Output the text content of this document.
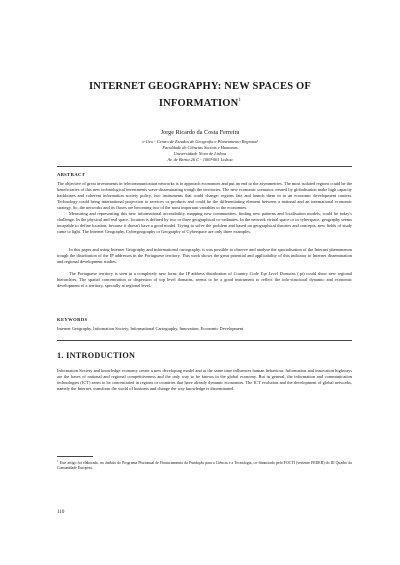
INTERNET GEOGRAPHY: NEW SPACES OF
INFORMATION$^1$
Jorge Ricardo da Costa Ferreira
e-Geo - Centro de Estudos de Geografia e Planeamento Regional
Faculdade de Ciências Sociais e Humanas
Universidade Nova de Lisboa
Av. de Berna 26 C - 1069-061 Lisboa
ABSTRACT

The objective of great investments in telecommunication networks is to approach economies and put an end to the asymmetries. The most isolated regions could be the beneficiaries of this new technological investments wave disseminating trough the territories. The new economic scenarios created by globalisation make high capacity backbones and coherent information society policy, two instruments that could change: regions fate and launch them in to an economic development context. Technology could bring international projection to services or products and could be the differentiating element between a national and an international economic strategy. So, the networks and its fluxes are becoming two of the most important variables to the economies.

Measuring and representing this new informational accessibility, mapping new communities, finding new patterns and localisation models, could be today's challenge. In the physical and real space, location is defined by two or three geographical co-ordinates. In the network virtual space or in cyberspace, geography seems incapable to define location, because it doesn't have a good model. Trying to solve the problem and based on geographical theories and concepts, new fields of study came to light. The Internet Geography, Cybergeography or Geography of Cyberspace are only three examples.

In this paper and using Internet Geography and informational cartography, it was possible to observe and analyse the spacialisation of the Internet phenomenon trough the distribution of the IP addresses in the Portuguese territory. This work shows the great potential and applicability of this indicator to Internet dissemination and regional development studies.

The Portuguese territory is seen in a completely new form: the IP address distribution of Country Code Top Level Domains (.pt) could show new regional hierarchies. The spatial concentration or dispersion of top level domains, seems to be a good instrument to reflect the info-structural dynamic and economic development of a territory, specially at regional level.

KEYWORDS

Internet Geography, Information Society, Informational Cartography, Innovation, Economic Development

1. INTRODUCTION

Information Society and knowledge economy create a new developing model and at the same time influences human behaviour. Information and innovation highways are the bases of national and regional competitiveness and the only way to be known in the global economy. But in general, the information and communication technologies (ICT) seem to be concentrated in regions or countries that have already dynamic economies. The ICT evolution and the development of global networks, namely the Internet, transform the world of business and change the way knowledge is disseminated.

$^1$ Este artigo foi elaborado, no âmbito do Programa Plurianual de Financiamento da Fundação para a Ciência e a Tecnologia, co-financiado pelo FOCTI (vertente FEDER) do III Quadro da Comunidade Europeia.
110
